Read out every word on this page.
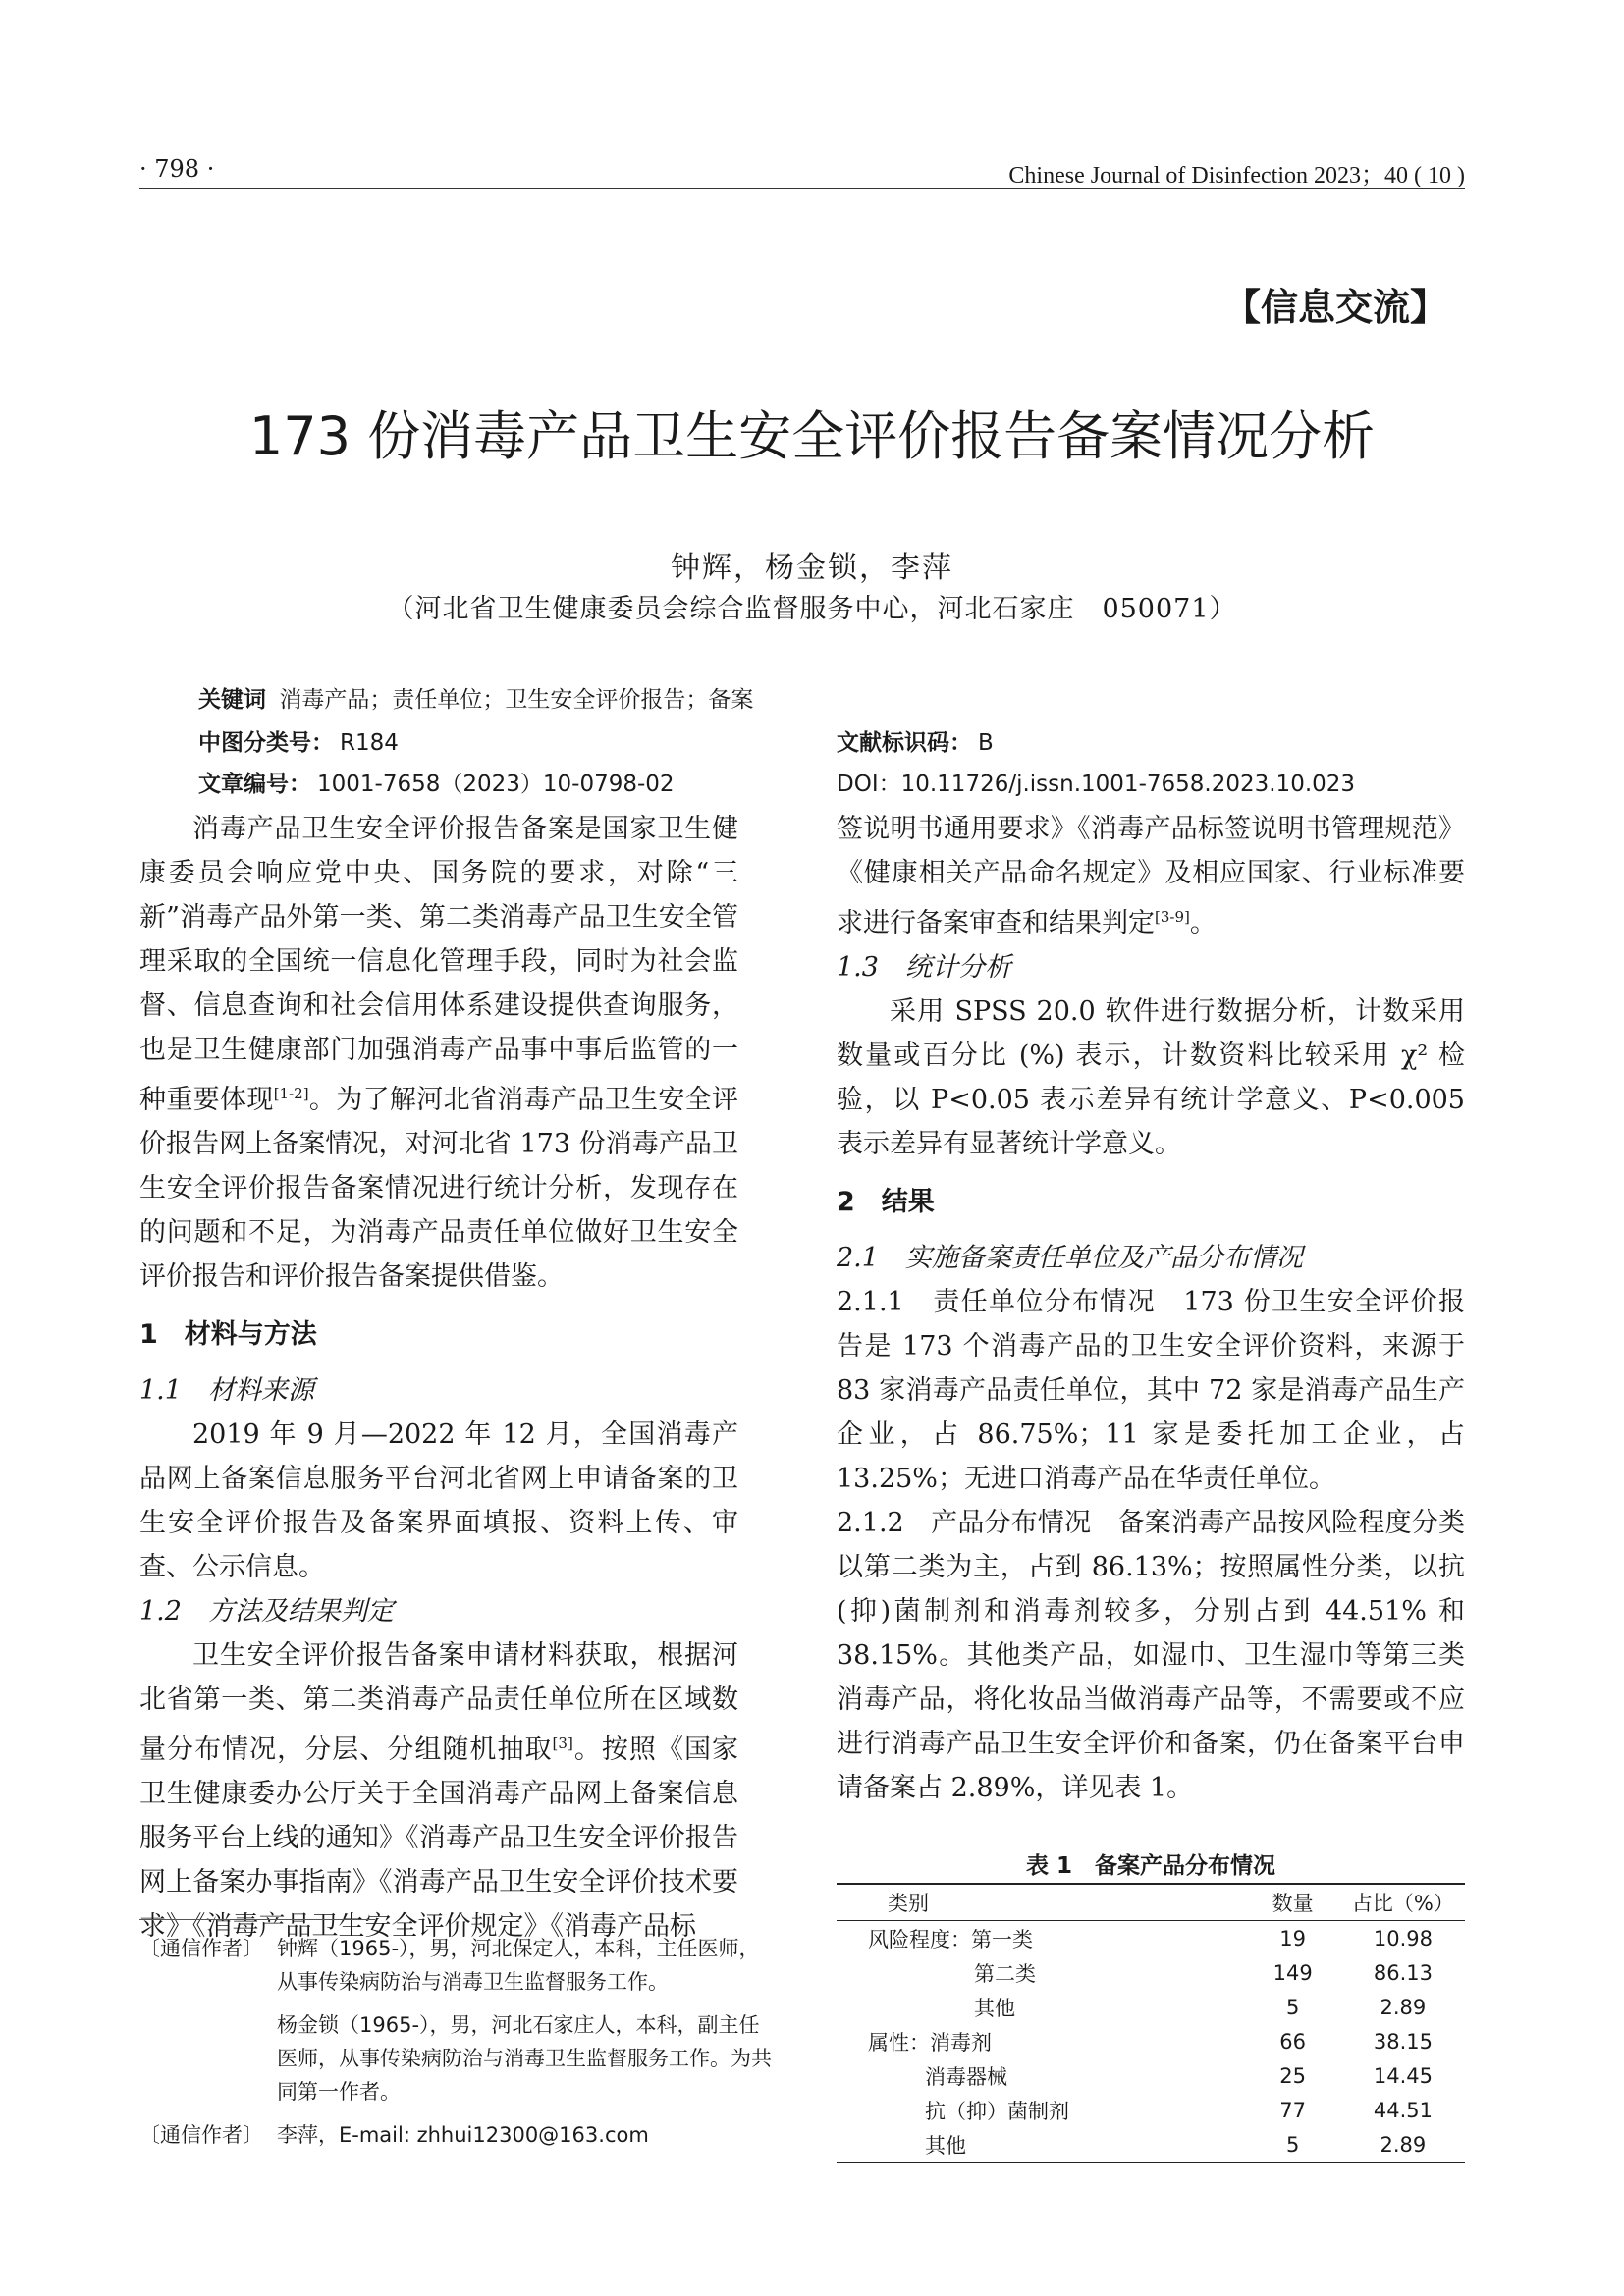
· 798 ·	Chinese Journal of Disinfection 2023；40 ( 10 )
【信息交流】
173 份消毒产品卫生安全评价报告备案情况分析
钟辉，杨金锁，李萍
（河北省卫生健康委员会综合监督服务中心，河北石家庄　050071）
关键词 消毒产品；责任单位；卫生安全评价报告；备案
中图分类号： R184	文献标识码： B
文章编号： 1001-7658（2023）10-0798-02	DOI：10.11726/j.issn.1001-7658.2023.10.023

消毒产品卫生安全评价报告备案是国家卫生健康委员会响应党中央、国务院的要求，对除“三新”消毒产品外第一类、第二类消毒产品卫生安全管理采取的全国统一信息化管理手段，同时为社会监督、信息查询和社会信用体系建设提供查询服务，也是卫生健康部门加强消毒产品事中事后监管的一种重要体现[1-2]。为了解河北省消毒产品卫生安全评价报告网上备案情况，对河北省 173 份消毒产品卫生安全评价报告备案情况进行统计分析，发现存在的问题和不足，为消毒产品责任单位做好卫生安全评价报告和评价报告备案提供借鉴。

1　材料与方法

1.1　材料来源

2019 年 9 月—2022 年 12 月，全国消毒产品网上备案信息服务平台河北省网上申请备案的卫生安全评价报告及备案界面填报、资料上传、审查、公示信息。

1.2　方法及结果判定

卫生安全评价报告备案申请材料获取，根据河北省第一类、第二类消毒产品责任单位所在区域数量分布情况，分层、分组随机抽取[3]。按照《国家卫生健康委办公厅关于全国消毒产品网上备案信息服务平台上线的通知》《消毒产品卫生安全评价报告网上备案办事指南》《消毒产品卫生安全评价技术要求》《消毒产品卫生安全评价规定》《消毒产品标

签说明书通用要求》《消毒产品标签说明书管理规范》《健康相关产品命名规定》及相应国家、行业标准要求进行备案审查和结果判定[3-9]。

1.3　统计分析

采用 SPSS 20.0 软件进行数据分析，计数采用数量或百分比 (%) 表示，计数资料比较采用 χ² 检验，以 P<0.05 表示差异有统计学意义、P<0.005 表示差异有显著统计学意义。

2　结果

2.1　实施备案责任单位及产品分布情况

2.1.1　责任单位分布情况　173 份卫生安全评价报告是 173 个消毒产品的卫生安全评价资料，来源于 83 家消毒产品责任单位，其中 72 家是消毒产品生产企业，占 86.75%；11 家是委托加工企业，占 13.25%；无进口消毒产品在华责任单位。

2.1.2　产品分布情况　备案消毒产品按风险程度分类以第二类为主，占到 86.13%；按照属性分类，以抗(抑)菌制剂和消毒剂较多，分别占到 44.51% 和 38.15%。其他类产品，如湿巾、卫生湿巾等第三类消毒产品，将化妆品当做消毒产品等，不需要或不应进行消毒产品卫生安全评价和备案，仍在备案平台申请备案占 2.89%，详见表 1。

表 1　备案产品分布情况
类别	数量	占比（%）
风险程度：第一类	19	10.98
第二类	149	86.13
其他	5	2.89
属性：消毒剂	66	38.15
消毒器械	25	14.45
抗（抑）菌制剂	77	44.51
其他	5	2.89
〔通信作者〕 钟辉（1965-），男，河北保定人，本科，主任医师，从事传染病防治与消毒卫生监督服务工作。
杨金锁（1965-），男，河北石家庄人，本科，副主任医师，从事传染病防治与消毒卫生监督服务工作。为共同第一作者。
〔通信作者〕 李萍，E-mail: zhhui12300@163.com
